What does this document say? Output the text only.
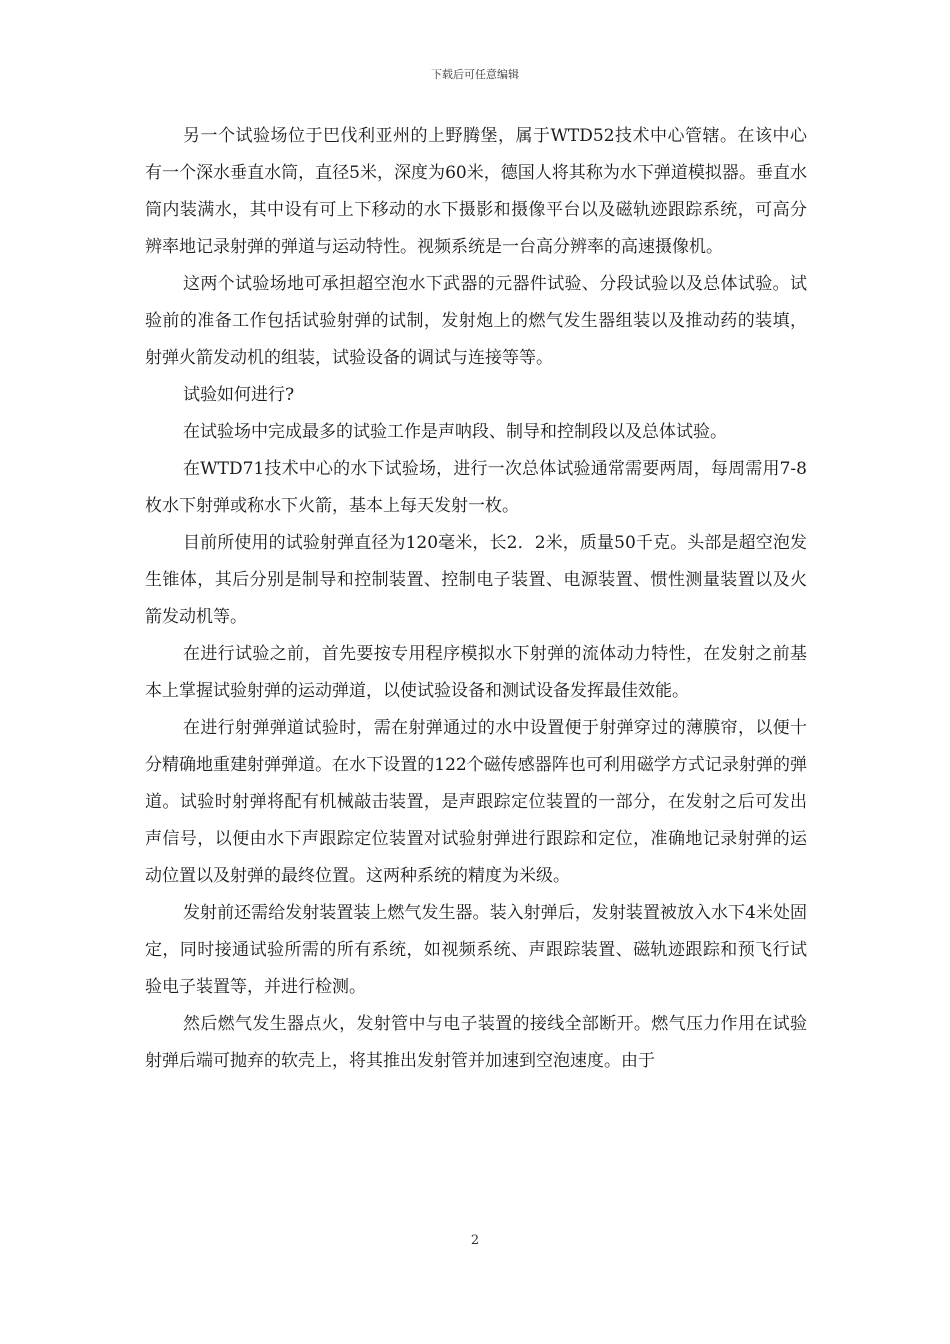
下载后可任意编辑

另一个试验场位于巴伐利亚州的上野腾堡，属于WTD52技术中心管辖。在该中心有一个深水垂直水筒，直径5米，深度为60米，德国人将其称为水下弹道模拟器。垂直水筒内装满水，其中设有可上下移动的水下摄影和摄像平台以及磁轨迹跟踪系统，可高分辨率地记录射弹的弹道与运动特性。视频系统是一台高分辨率的高速摄像机。

这两个试验场地可承担超空泡水下武器的元器件试验、分段试验以及总体试验。试验前的准备工作包括试验射弹的试制，发射炮上的燃气发生器组装以及推动药的装填，射弹火箭发动机的组装，试验设备的调试与连接等等。

试验如何进行?

在试验场中完成最多的试验工作是声呐段、制导和控制段以及总体试验。

在WTD71技术中心的水下试验场，进行一次总体试验通常需要两周，每周需用7-8枚水下射弹或称水下火箭，基本上每天发射一枚。

目前所使用的试验射弹直径为120毫米，长2．2米，质量50千克。头部是超空泡发生锥体，其后分别是制导和控制装置、控制电子装置、电源装置、惯性测量装置以及火箭发动机等。

在进行试验之前，首先要按专用程序模拟水下射弹的流体动力特性，在发射之前基本上掌握试验射弹的运动弹道，以使试验设备和测试设备发挥最佳效能。

在进行射弹弹道试验时，需在射弹通过的水中设置便于射弹穿过的薄膜帘，以便十分精确地重建射弹弹道。在水下设置的122个磁传感器阵也可利用磁学方式记录射弹的弹道。试验时射弹将配有机械敲击装置，是声跟踪定位装置的一部分，在发射之后可发出声信号，以便由水下声跟踪定位装置对试验射弹进行跟踪和定位，准确地记录射弹的运动位置以及射弹的最终位置。这两种系统的精度为米级。

发射前还需给发射装置装上燃气发生器。装入射弹后，发射装置被放入水下4米处固定，同时接通试验所需的所有系统，如视频系统、声跟踪装置、磁轨迹跟踪和预飞行试验电子装置等，并进行检测。

然后燃气发生器点火，发射管中与电子装置的接线全部断开。燃气压力作用在试验射弹后端可抛弃的软壳上，将其推出发射管并加速到空泡速度。由于

2
